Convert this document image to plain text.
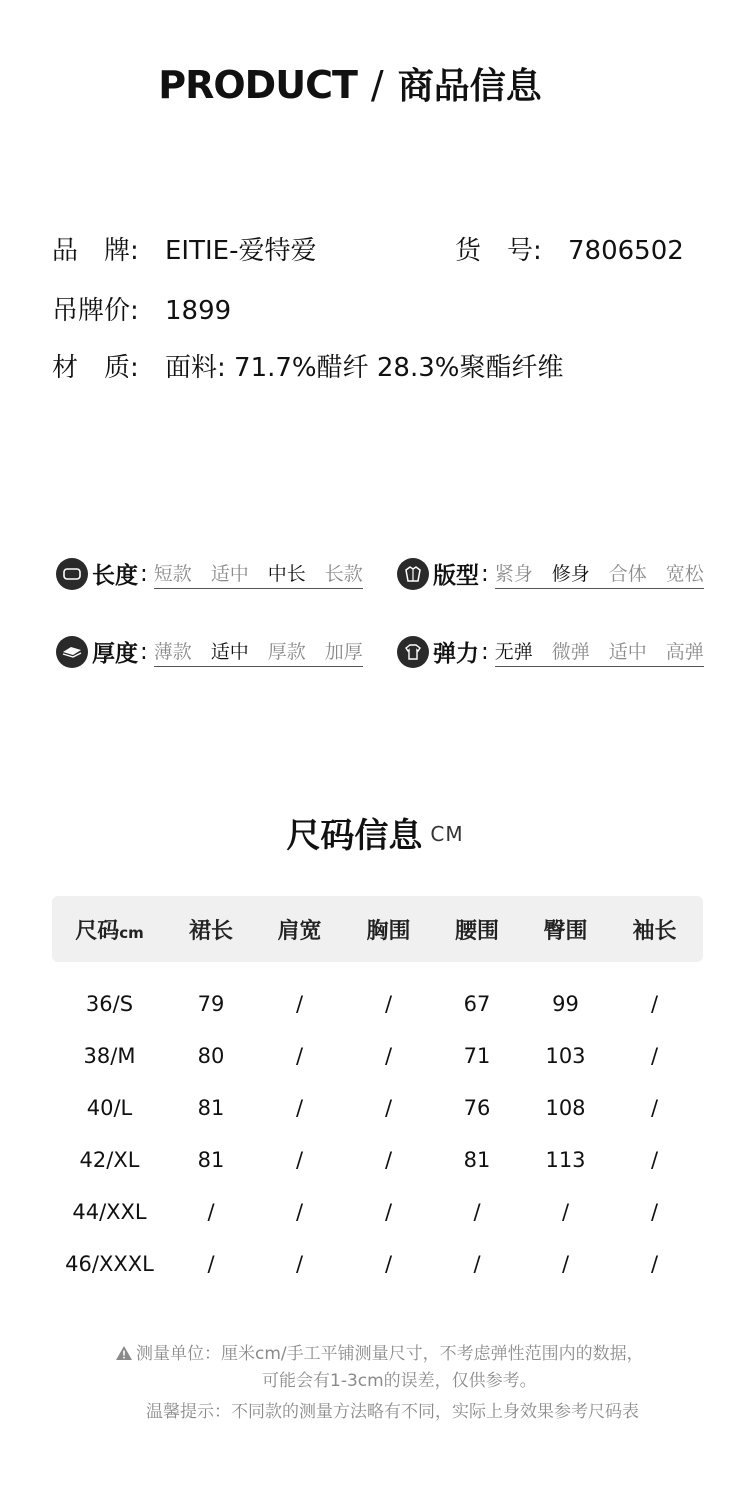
PRODUCT / 商品信息
品　牌: EITIE-爱特爱	货　号: 7806502
吊牌价: 1899
材　质: 面料: 71.7%醋纤 28.3%聚酯纤维
长度 : 短款 适中 中长 长款	版型 : 紧身 修身 合体 宽松
厚度 : 薄款 适中 厚款 加厚	弹力 : 无弹 微弹 适中 高弹
尺码信息 CM
尺码cm	裙长	肩宽	胸围	腰围	臀围	袖长
36/S	79	/	/	67	99	/
38/M	80	/	/	71	103	/
40/L	81	/	/	76	108	/
42/XL	81	/	/	81	113	/
44/XXL	/	/	/	/	/	/
46/XXXL	/	/	/	/	/	/
测量单位：厘米cm/手工平铺测量尺寸，不考虑弹性范围内的数据，
可能会有1-3cm的误差，仅供参考。
温馨提示：不同款的测量方法略有不同，实际上身效果参考尺码表
